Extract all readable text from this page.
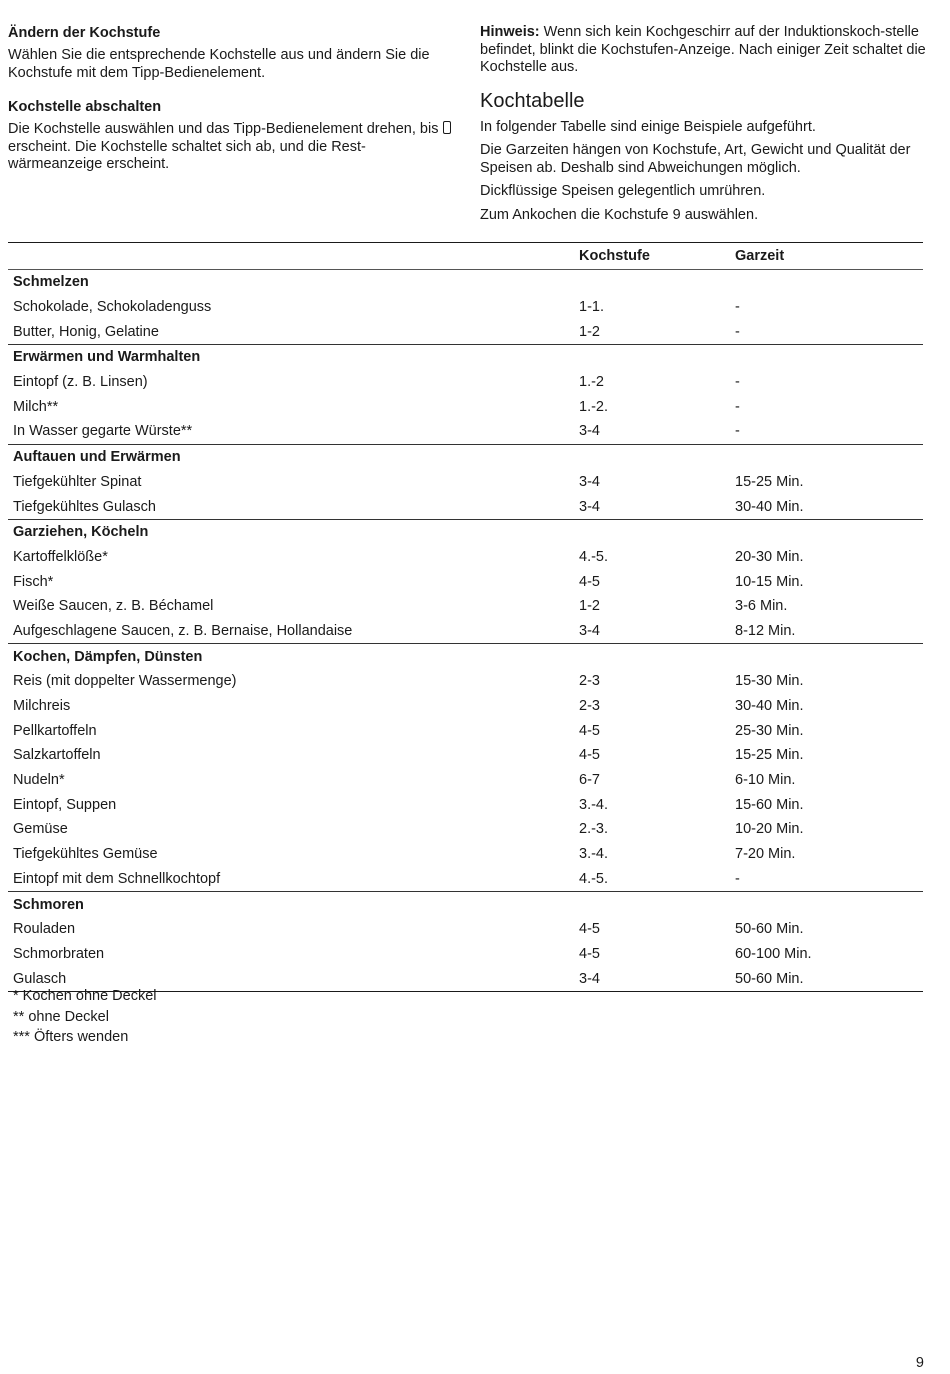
Ändern der Kochstufe

Wählen Sie die entsprechende Kochstelle aus und ändern Sie die Kochstufe mit dem Tipp-Bedienelement.

Kochstelle abschalten

Die Kochstelle auswählen und das Tipp-Bedienelement drehen, bis  erscheint. Die Kochstelle schaltet sich ab, und die Rest-wärmeanzeige erscheint.

Hinweis: Wenn sich kein Kochgeschirr auf der Induktionskoch-stelle befindet, blinkt die Kochstufen-Anzeige. Nach einiger Zeit schaltet die Kochstelle aus.

Kochtabelle

In folgender Tabelle sind einige Beispiele aufgeführt.

Die Garzeiten hängen von Kochstufe, Art, Gewicht und Qualität der Speisen ab. Deshalb sind Abweichungen möglich.

Dickflüssige Speisen gelegentlich umrühren.

Zum Ankochen die Kochstufe 9 auswählen.

	Kochstufe	Garzeit
Schmelzen		
Schokolade, Schokoladenguss	1-1.	-
Butter, Honig, Gelatine	1-2	-
Erwärmen und Warmhalten		
Eintopf (z. B. Linsen)	1.-2	-
Milch**	1.-2.	-
In Wasser gegarte Würste**	3-4	-
Auftauen und Erwärmen		
Tiefgekühlter Spinat	3-4	15-25 Min.
Tiefgekühltes Gulasch	3-4	30-40 Min.
Garziehen, Köcheln		
Kartoffelklöße*	4.-5.	20-30 Min.
Fisch*	4-5	10-15 Min.
Weiße Saucen, z. B. Béchamel	1-2	3-6 Min.
Aufgeschlagene Saucen, z. B. Bernaise, Hollandaise	3-4	8-12 Min.
Kochen, Dämpfen, Dünsten		
Reis (mit doppelter Wassermenge)	2-3	15-30 Min.
Milchreis	2-3	30-40 Min.
Pellkartoffeln	4-5	25-30 Min.
Salzkartoffeln	4-5	15-25 Min.
Nudeln*	6-7	6-10 Min.
Eintopf, Suppen	3.-4.	15-60 Min.
Gemüse	2.-3.	10-20 Min.
Tiefgekühltes Gemüse	3.-4.	7-20 Min.
Eintopf mit dem Schnellkochtopf	4.-5.	-
Schmoren		
Rouladen	4-5	50-60 Min.
Schmorbraten	4-5	60-100 Min.
Gulasch	3-4	50-60 Min.
* Kochen ohne Deckel
** ohne Deckel
*** Öfters wenden
9
